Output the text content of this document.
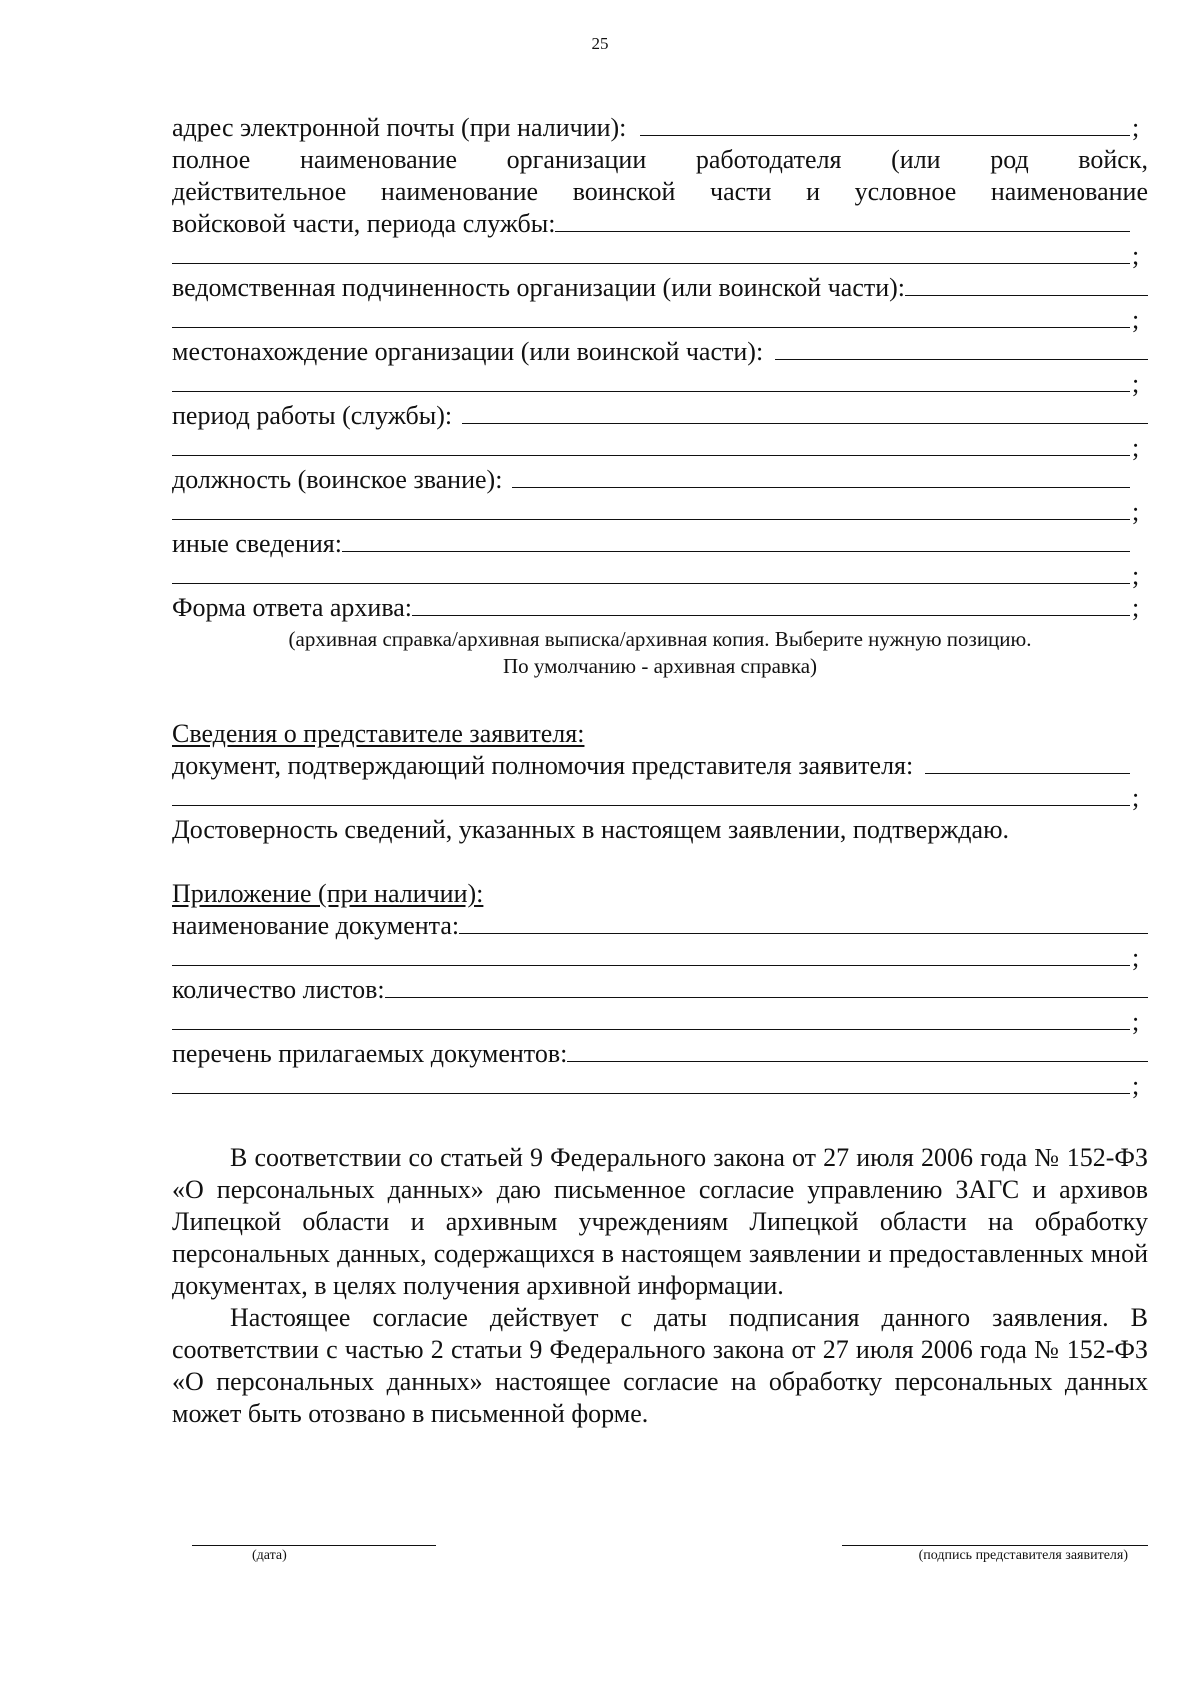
25
адрес электронной почты (при наличии):	;
полное наименование организации работодателя (или род войск,
действительное наименование воинской части и условное наименование
войсковой части, периода службы:
;
ведомственная подчиненность организации (или воинской части):
;
местонахождение организации (или воинской части):
;
период работы (службы):
;
должность (воинское звание):
;
иные сведения:
;
Форма ответа архива:	;
(архивная справка/архивная выписка/архивная копия. Выберите нужную позицию.
По умолчанию - архивная справка)
Сведения о представителе заявителя:
документ, подтверждающий полномочия представителя заявителя:
;
Достоверность сведений, указанных в настоящем заявлении, подтверждаю.
Приложение (при наличии):
наименование документа:
;
количество листов:
;
перечень прилагаемых документов:
;

В соответствии со статьей 9 Федерального закона от 27 июля 2006 года № 152-ФЗ «О персональных данных» даю письменное согласие управлению ЗАГС и архивов Липецкой области и архивным учреждениям Липецкой области на обработку персональных данных, содержащихся в настоящем заявлении и предоставленных мной документах, в целях получения архивной информации.

Настоящее согласие действует с даты подписания данного заявления. В соответствии с частью 2 статьи 9 Федерального закона от 27 июля 2006 года № 152-ФЗ «О персональных данных» настоящее согласие на обработку персональных данных может быть отозвано в письменной форме.

(дата)	(подпись представителя заявителя)
